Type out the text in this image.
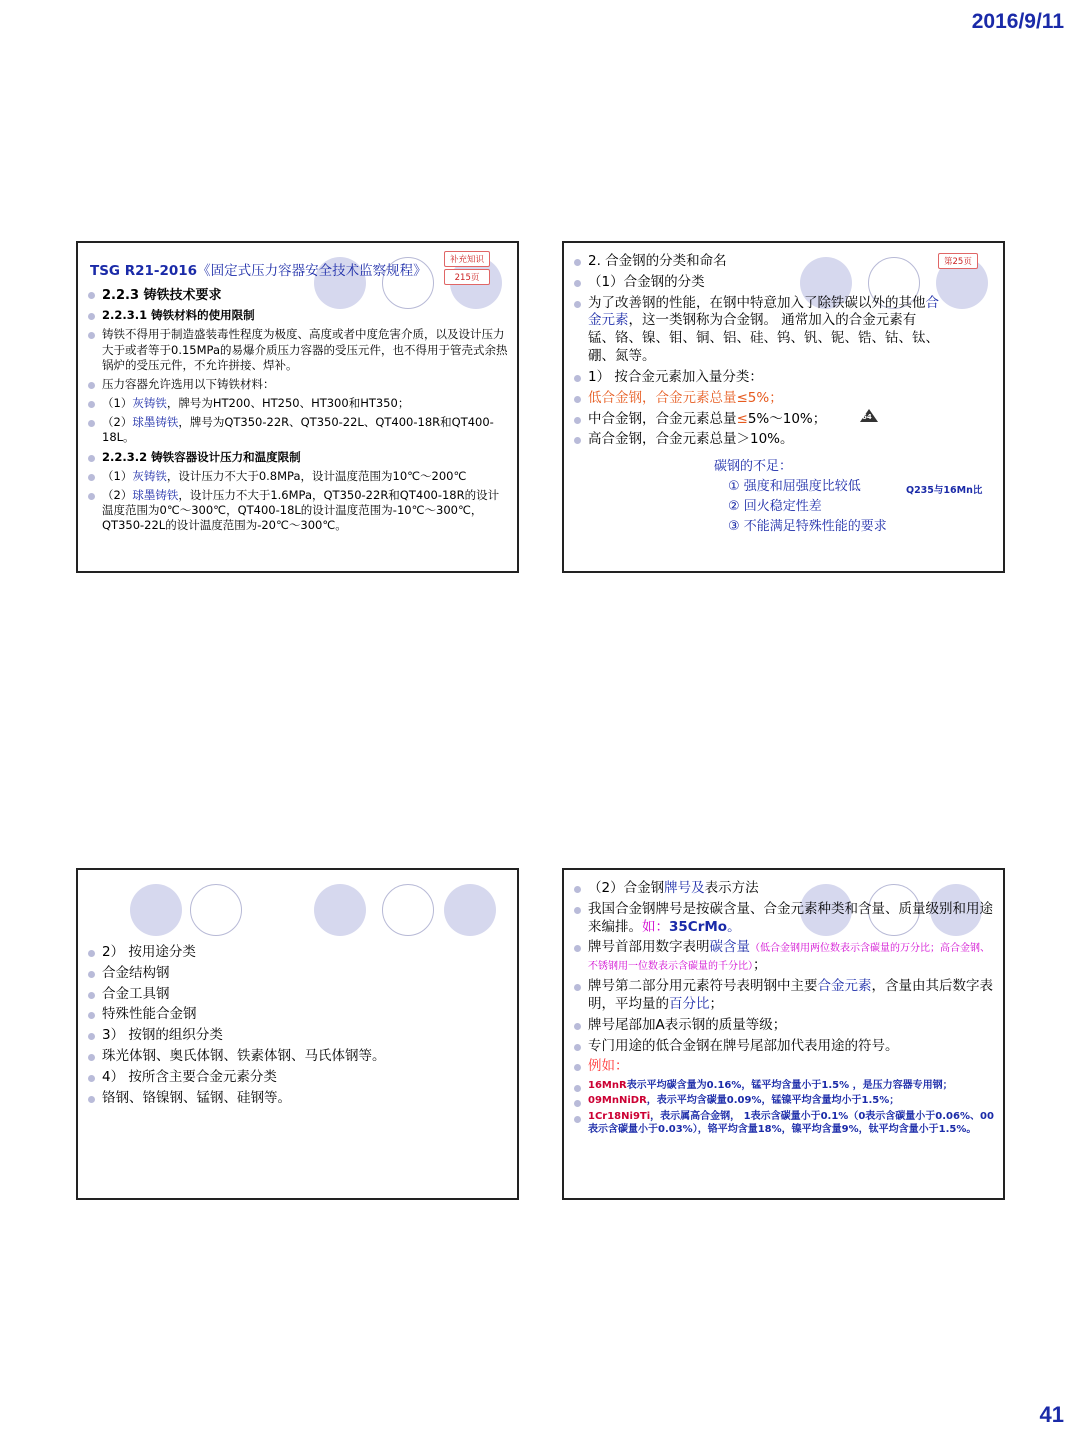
2016/9/11
TSG R21-2016《固定式压力容器安全技术监察规程》
补充知识
215页
2.2.3 铸铁技术要求
2.2.3.1 铸铁材料的使用限制
铸铁不得用于制造盛装毒性程度为极度、高度或者中度危害介质，以及设计压力大于或者等于0.15MPa的易爆介质压力容器的受压元件，也不得用于管壳式余热锅炉的受压元件，不允许拼接、焊补。
压力容器允许选用以下铸铁材料：
（1）灰铸铁，牌号为HT200、HT250、HT300和HT350；
（2）球墨铸铁，牌号为QT350-22R、QT350-22L、QT400-18R和QT400-18L。
2.2.3.2 铸铁容器设计压力和温度限制
（1）灰铸铁，设计压力不大于0.8MPa，设计温度范围为10℃～200℃
（2）球墨铸铁，设计压力不大于1.6MPa，QT350-22R和QT400-18R的设计温度范围为0℃～300℃，QT400-18L的设计温度范围为-10℃～300℃，QT350-22L的设计温度范围为-20℃～300℃。
第25页
2. 合金钢的分类和命名
（1）合金钢的分类
为了改善钢的性能，在钢中特意加入了除铁碳以外的其他合金元素，这一类钢称为合金钢。 通常加入的合金元素有锰、铬、镍、钼、铜、铝、硅、钨、钒、铌、锆、钴、钛、硼、氮等。
1） 按合金元素加入量分类：
低合金钢，合金元素总量≤5%；
中合金钢，合金元素总量≤5%～10%；
高合金钢，合金元素总量＞10%。
64
碳钢的不足：
① 强度和屈强度比较低
② 回火稳定性差
③ 不能满足特殊性能的要求
Q235与16Mn比
2） 按用途分类
合金结构钢
合金工具钢
特殊性能合金钢
3） 按钢的组织分类
珠光体钢、奥氏体钢、铁素体钢、马氏体钢等。
4） 按所含主要合金元素分类
铬钢、铬镍钢、锰钢、硅钢等。
（2）合金钢牌号及表示方法
我国合金钢牌号是按碳含量、合金元素种类和含量、质量级别和用途来编排。如：35CrMo。
牌号首部用数字表明碳含量（低合金钢用两位数表示含碳量的万分比；高合金钢、不锈钢用一位数表示含碳量的千分比）；
牌号第二部分用元素符号表明钢中主要合金元素，含量由其后数字表明，平均量的百分比；
牌号尾部加A表示钢的质量等级；
专门用途的低合金钢在牌号尾部加代表用途的符号。
例如：
16MnR表示平均碳含量为0.16%，锰平均含量小于1.5% ，是压力容器专用钢；
09MnNiDR，表示平均含碳量0.09%，锰镍平均含量均小于1.5%；
1Cr18Ni9Ti，表示属高合金钢， 1表示含碳量小于0.1%（0表示含碳量小于0.06%、00表示含碳量小于0.03%），铬平均含量18%，镍平均含量9%，钛平均含量小于1.5%。
41
